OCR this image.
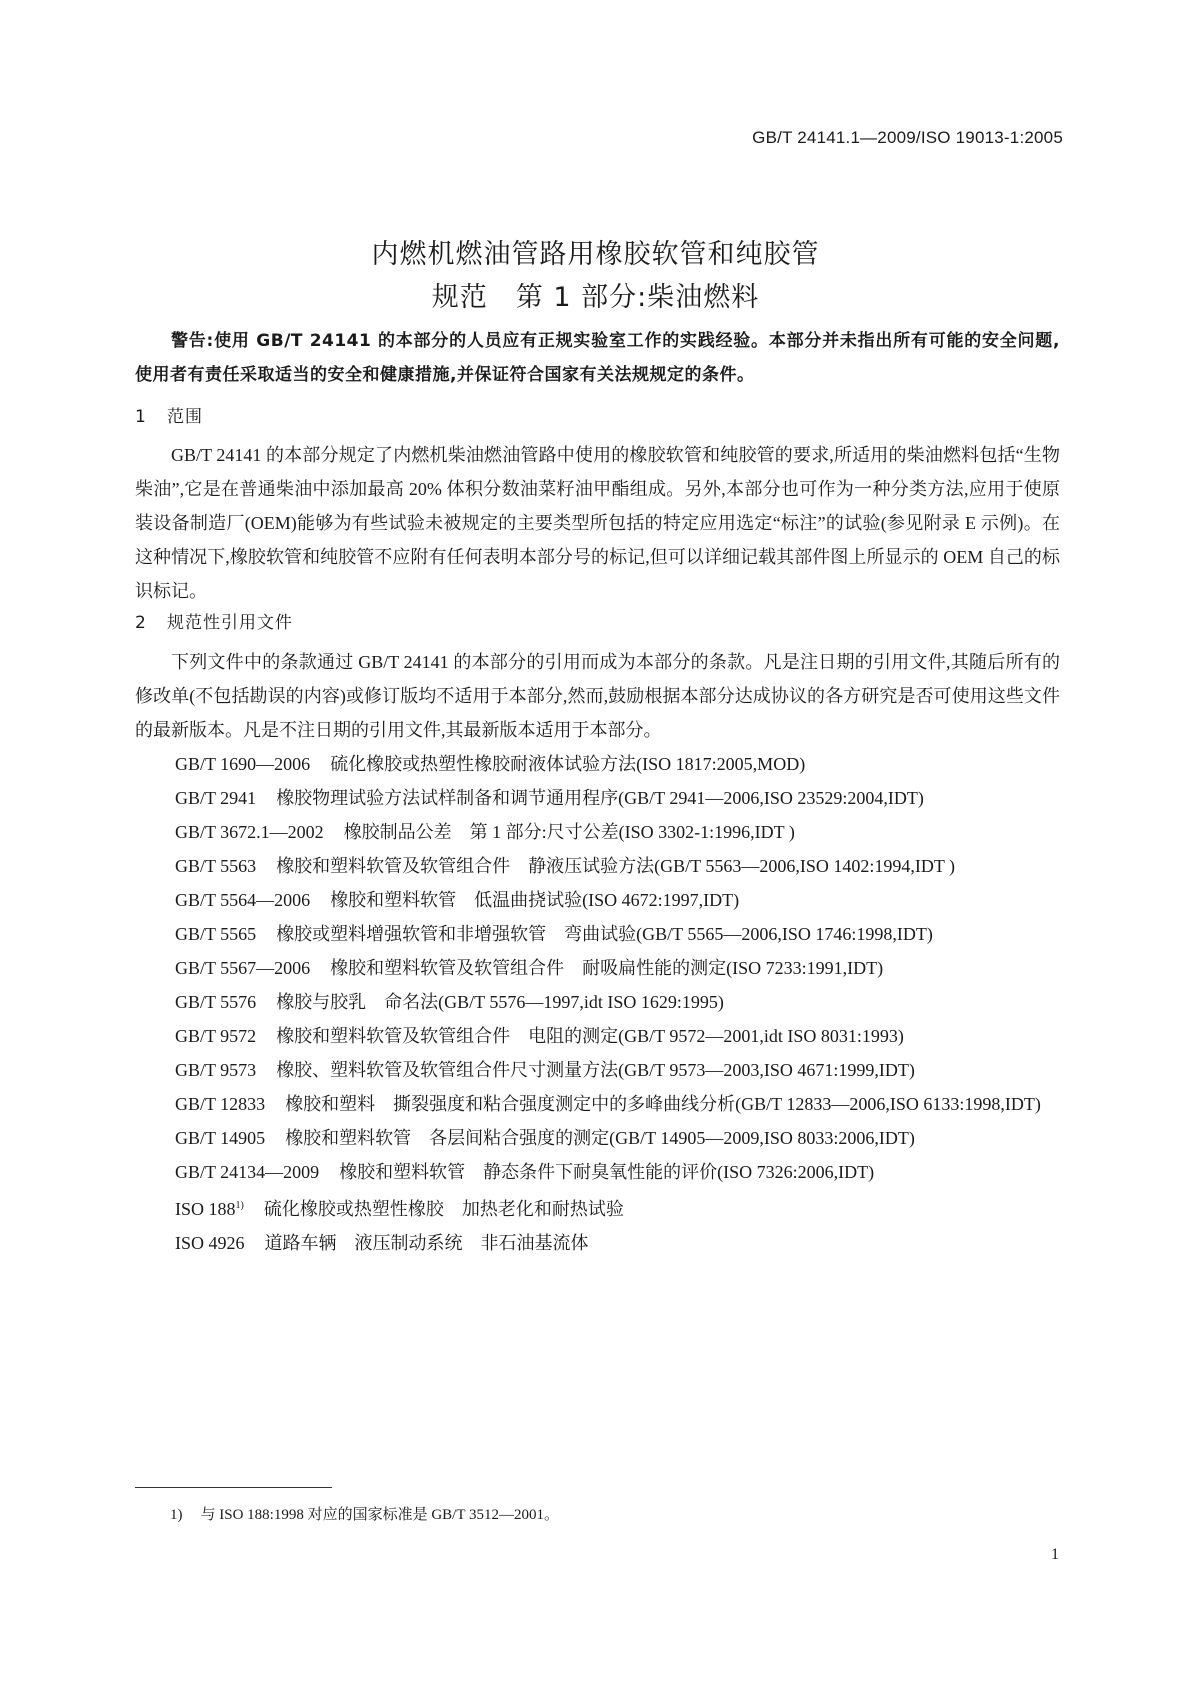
GB/T 24141.1—2009/ISO 19013-1:2005
内燃机燃油管路用橡胶软管和纯胶管
规范　第 1 部分:柴油燃料

警告:使用 GB/T 24141 的本部分的人员应有正规实验室工作的实践经验。本部分并未指出所有可能的安全问题,使用者有责任采取适当的安全和健康措施,并保证符合国家有关法规规定的条件。

1 范围

GB/T 24141 的本部分规定了内燃机柴油燃油管路中使用的橡胶软管和纯胶管的要求,所适用的柴油燃料包括“生物柴油”,它是在普通柴油中添加最高 20% 体积分数油菜籽油甲酯组成。另外,本部分也可作为一种分类方法,应用于使原装设备制造厂(OEM)能够为有些试验未被规定的主要类型所包括的特定应用选定“标注”的试验(参见附录 E 示例)。在这种情况下,橡胶软管和纯胶管不应附有任何表明本部分号的标记,但可以详细记载其部件图上所显示的 OEM 自己的标识标记。

2 规范性引用文件

下列文件中的条款通过 GB/T 24141 的本部分的引用而成为本部分的条款。凡是注日期的引用文件,其随后所有的修改单(不包括勘误的内容)或修订版均不适用于本部分,然而,鼓励根据本部分达成协议的各方研究是否可使用这些文件的最新版本。凡是不注日期的引用文件,其最新版本适用于本部分。

GB/T 1690—2006 硫化橡胶或热塑性橡胶耐液体试验方法(ISO 1817:2005,MOD)

GB/T 2941 橡胶物理试验方法试样制备和调节通用程序(GB/T 2941—2006,ISO 23529:2004,IDT)

GB/T 3672.1—2002 橡胶制品公差　第 1 部分:尺寸公差(ISO 3302-1:1996,IDT )

GB/T 5563 橡胶和塑料软管及软管组合件　静液压试验方法(GB/T 5563—2006,ISO 1402:1994,IDT )

GB/T 5564—2006 橡胶和塑料软管　低温曲挠试验(ISO 4672:1997,IDT)

GB/T 5565 橡胶或塑料增强软管和非增强软管　弯曲试验(GB/T 5565—2006,ISO 1746:1998,IDT)

GB/T 5567—2006 橡胶和塑料软管及软管组合件　耐吸扁性能的测定(ISO 7233:1991,IDT)

GB/T 5576 橡胶与胶乳　命名法(GB/T 5576—1997,idt ISO 1629:1995)

GB/T 9572 橡胶和塑料软管及软管组合件　电阻的测定(GB/T 9572—2001,idt ISO 8031:1993)

GB/T 9573 橡胶、塑料软管及软管组合件尺寸测量方法(GB/T 9573—2003,ISO 4671:1999,IDT)

GB/T 12833 橡胶和塑料　撕裂强度和粘合强度测定中的多峰曲线分析(GB/T 12833—2006,ISO 6133:1998,IDT)

GB/T 14905 橡胶和塑料软管　各层间粘合强度的测定(GB/T 14905—2009,ISO 8033:2006,IDT)

GB/T 24134—2009 橡胶和塑料软管　静态条件下耐臭氧性能的评价(ISO 7326:2006,IDT)

ISO 188$^{1)}$ 硫化橡胶或热塑性橡胶　加热老化和耐热试验

ISO 4926 道路车辆　液压制动系统　非石油基流体

1) 与 ISO 188:1998 对应的国家标准是 GB/T 3512—2001。
1
